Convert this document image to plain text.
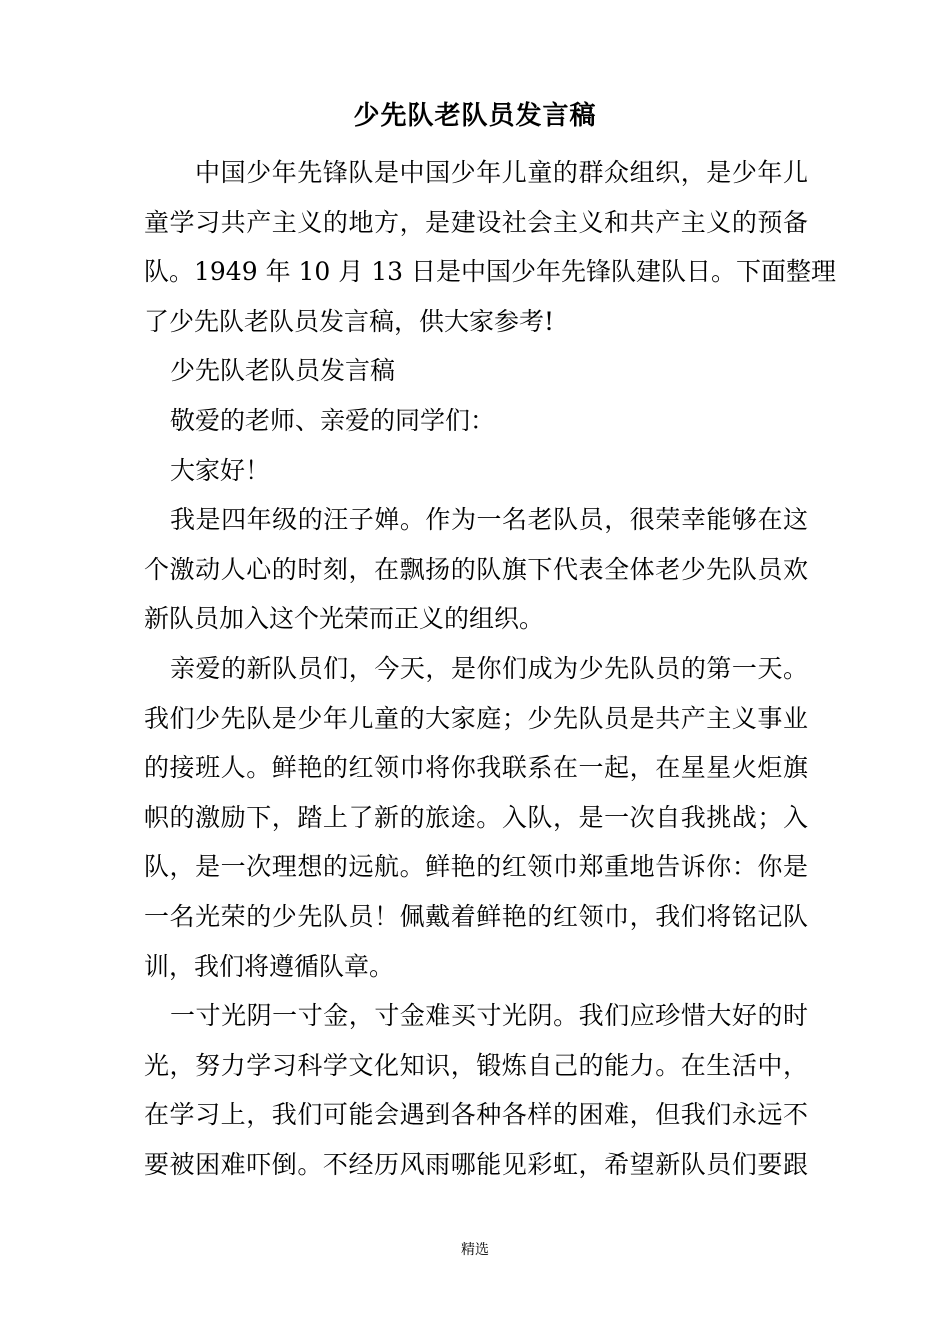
少先队老队员发言稿
中国少年先锋队是中国少年儿童的群众组织，是少年儿
童学习共产主义的地方，是建设社会主义和共产主义的预备
队。1949 年 10 月 13 日是中国少年先锋队建队日。下面整理
了少先队老队员发言稿，供大家参考!
少先队老队员发言稿
敬爱的老师、亲爱的同学们：
大家好！
我是四年级的汪子婵。作为一名老队员，很荣幸能够在这
个激动人心的时刻，在飘扬的队旗下代表全体老少先队员欢
新队员加入这个光荣而正义的组织。
亲爱的新队员们，今天，是你们成为少先队员的第一天。
我们少先队是少年儿童的大家庭；少先队员是共产主义事业
的接班人。鲜艳的红领巾将你我联系在一起，在星星火炬旗
帜的激励下，踏上了新的旅途。入队，是一次自我挑战；入
队，是一次理想的远航。鲜艳的红领巾郑重地告诉你：你是
一名光荣的少先队员！佩戴着鲜艳的红领巾，我们将铭记队
训，我们将遵循队章。
一寸光阴一寸金，寸金难买寸光阴。我们应珍惜大好的时
光，努力学习科学文化知识，锻炼自己的能力。在生活中，
在学习上，我们可能会遇到各种各样的困难，但我们永远不
要被困难吓倒。不经历风雨哪能见彩虹，希望新队员们要跟
精选
